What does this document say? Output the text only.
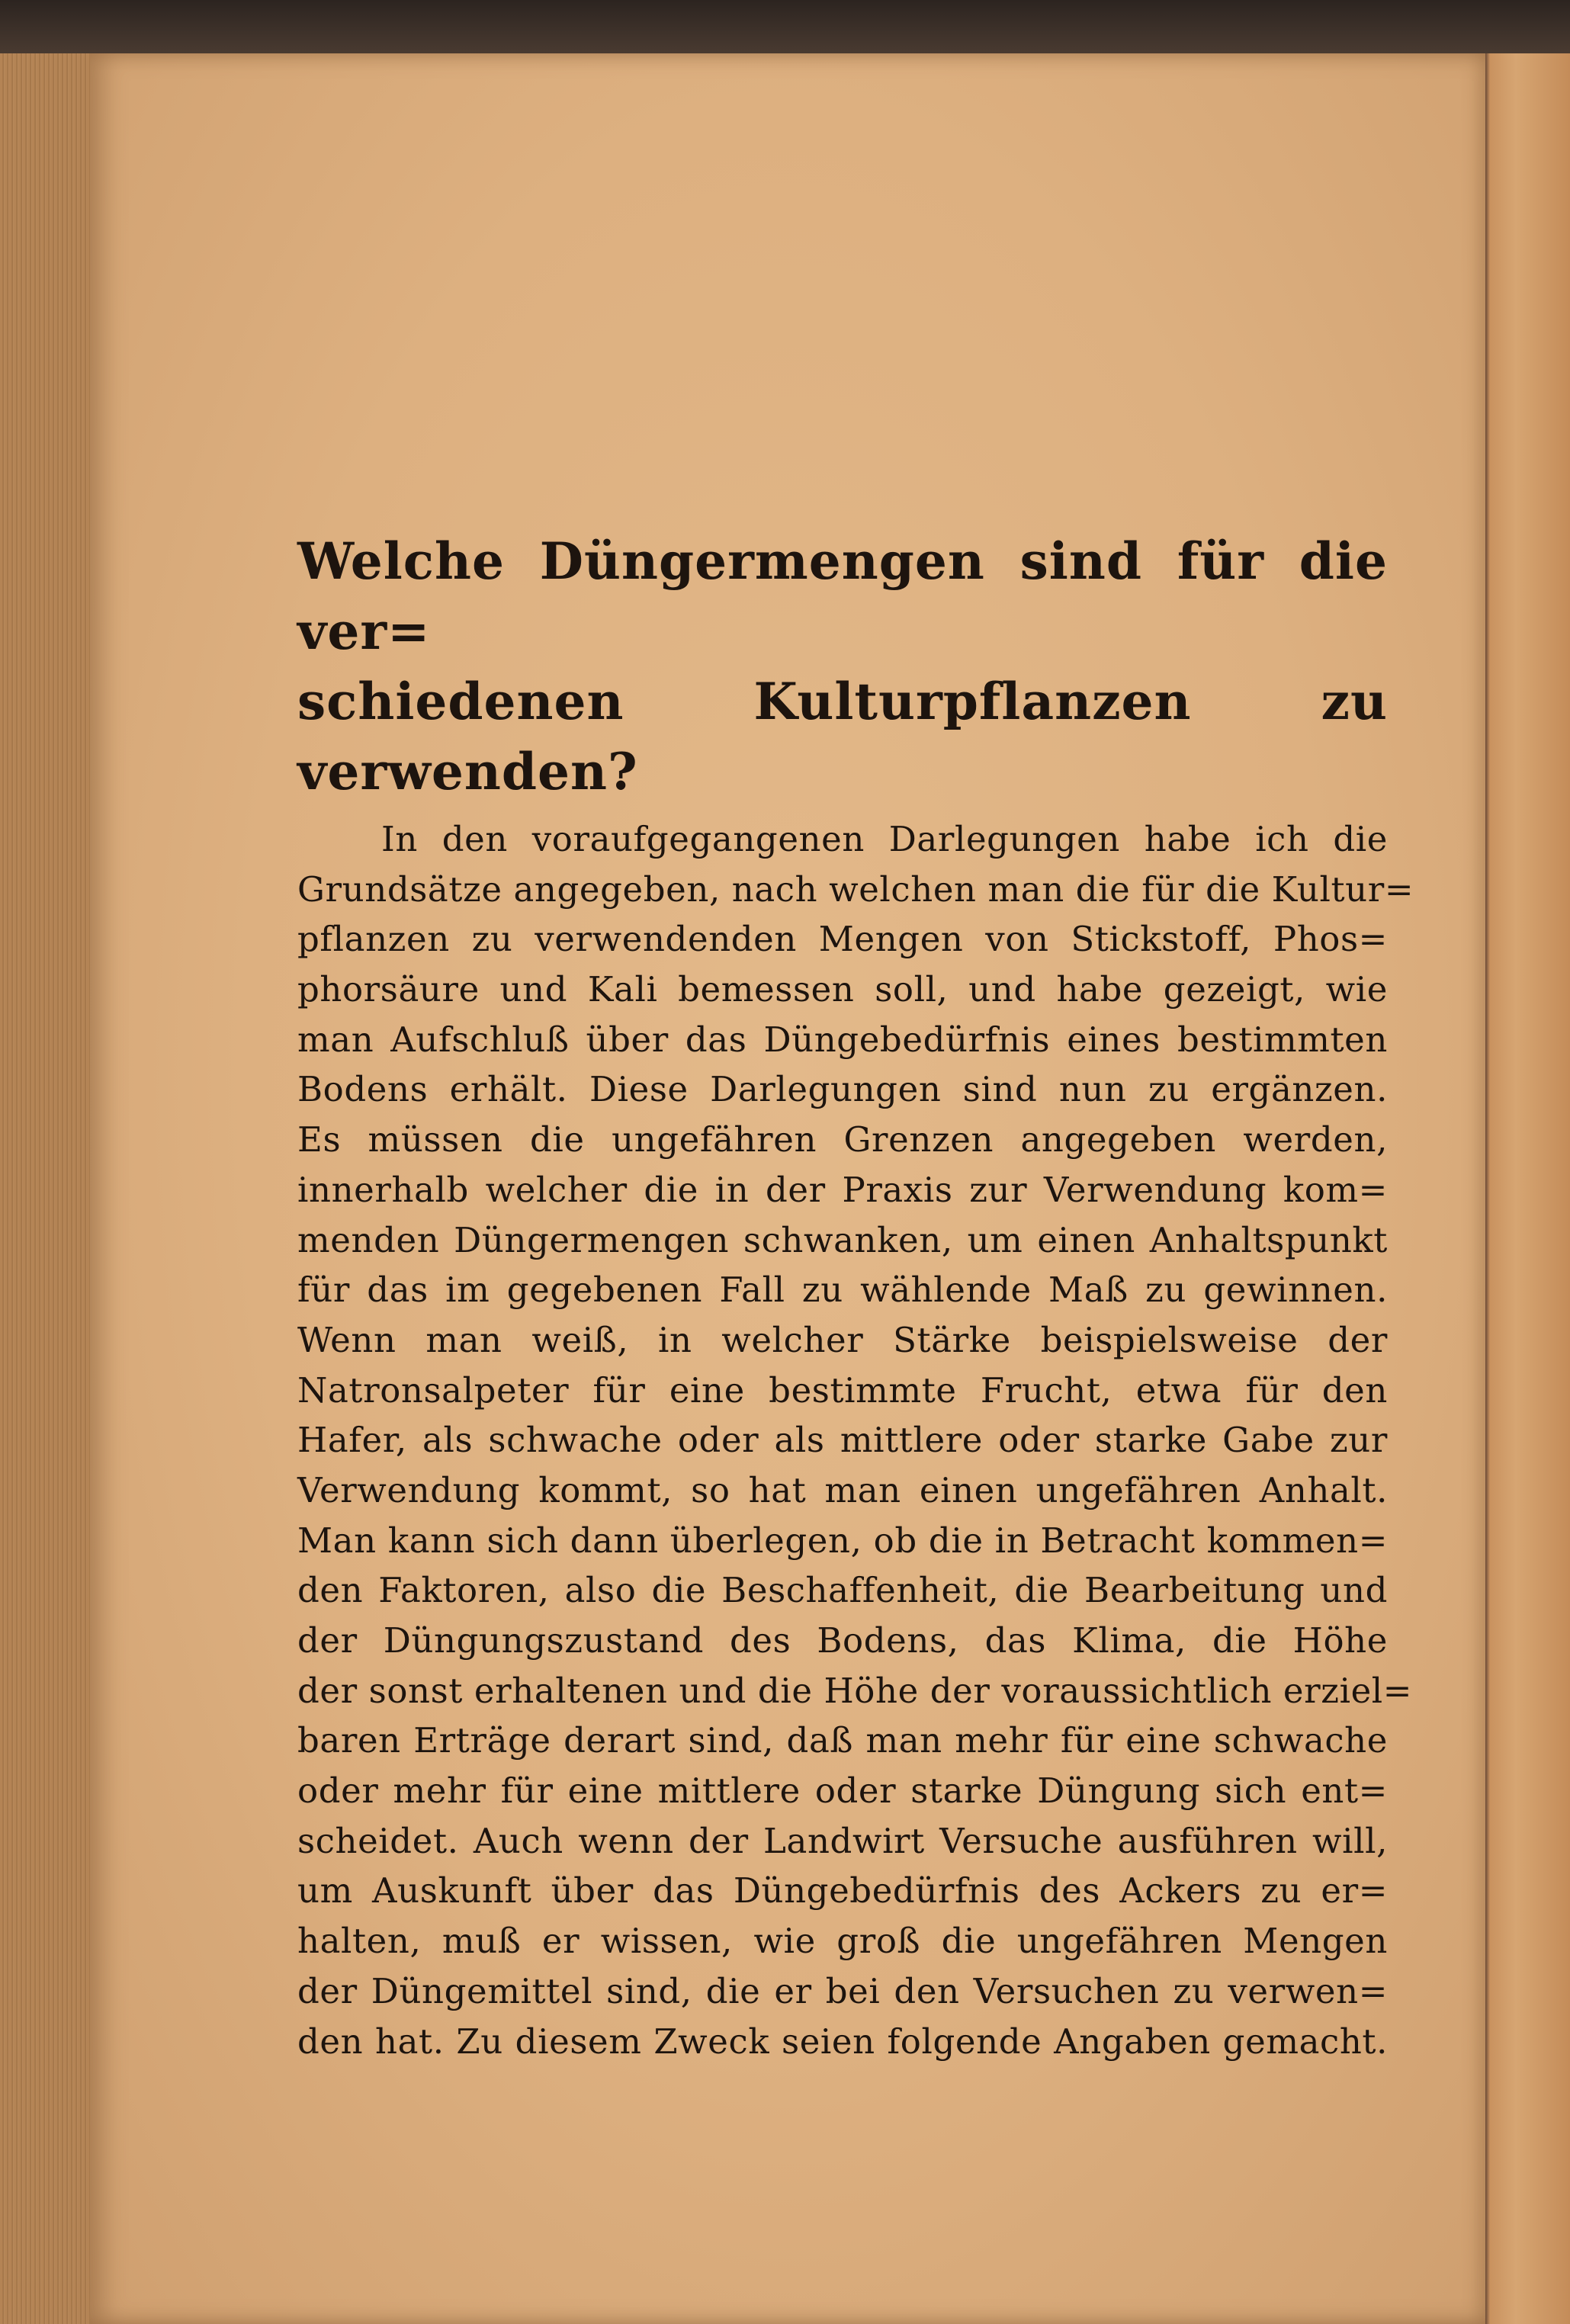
Welche Düngermengen sind für die ver=
schiedenen Kulturpflanzen zu verwenden?
In den voraufgegangenen Darlegungen habe ich die
Grundsätze angegeben, nach welchen man die für die Kultur=
pflanzen zu verwendenden Mengen von Stickstoff, Phos=
phorsäure und Kali bemessen soll, und habe gezeigt, wie
man Aufschluß über das Düngebedürfnis eines bestimmten
Bodens erhält. Diese Darlegungen sind nun zu ergänzen.
Es müssen die ungefähren Grenzen angegeben werden,
innerhalb welcher die in der Praxis zur Verwendung kom=
menden Düngermengen schwanken, um einen Anhaltspunkt
für das im gegebenen Fall zu wählende Maß zu gewinnen.
Wenn man weiß, in welcher Stärke beispielsweise der
Natronsalpeter für eine bestimmte Frucht, etwa für den
Hafer, als schwache oder als mittlere oder starke Gabe zur
Verwendung kommt, so hat man einen ungefähren Anhalt.
Man kann sich dann überlegen, ob die in Betracht kommen=
den Faktoren, also die Beschaffenheit, die Bearbeitung und
der Düngungszustand des Bodens, das Klima, die Höhe
der sonst erhaltenen und die Höhe der voraussichtlich erziel=
baren Erträge derart sind, daß man mehr für eine schwache
oder mehr für eine mittlere oder starke Düngung sich ent=
scheidet. Auch wenn der Landwirt Versuche ausführen will,
um Auskunft über das Düngebedürfnis des Ackers zu er=
halten, muß er wissen, wie groß die ungefähren Mengen
der Düngemittel sind, die er bei den Versuchen zu verwen=
den hat. Zu diesem Zweck seien folgende Angaben gemacht.
